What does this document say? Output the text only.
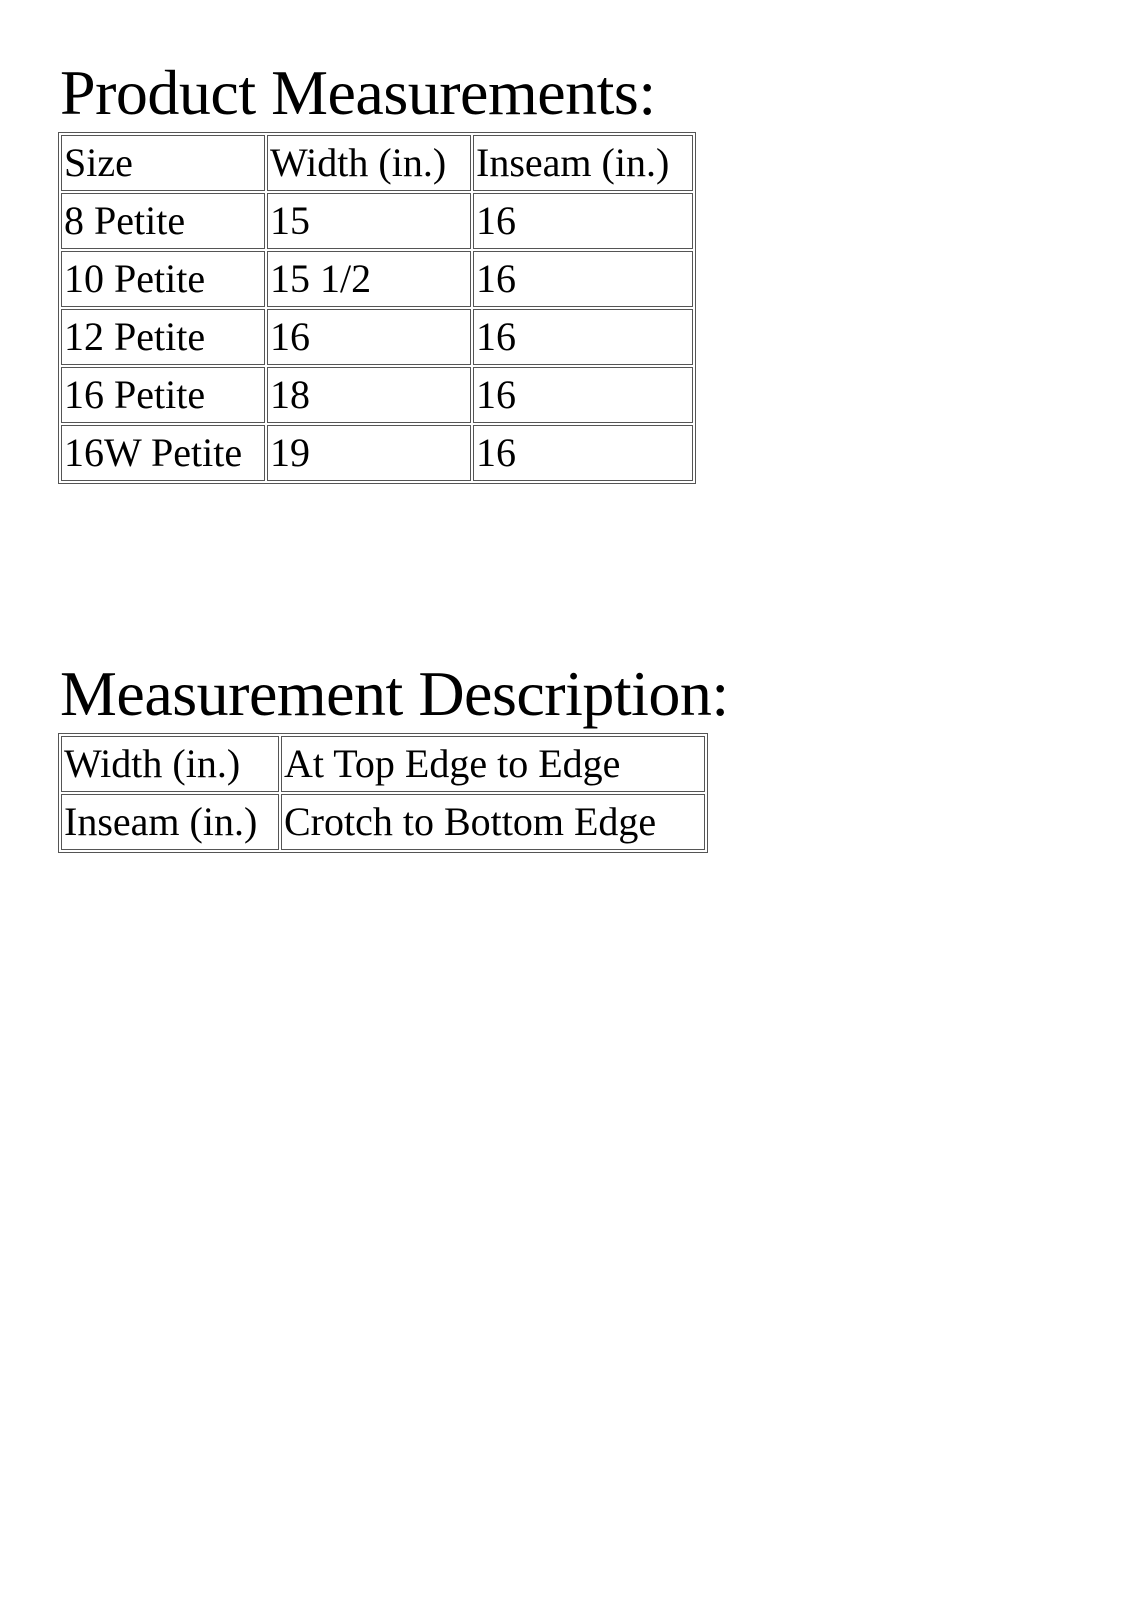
Product Measurements:
Size	Width (in.)	Inseam (in.)
8 Petite	15	16
10 Petite	15 1/2	16
12 Petite	16	16
16 Petite	18	16
16W Petite	19	16
Measurement Description:
Width (in.)	At Top Edge to Edge
Inseam (in.)	Crotch to Bottom Edge
